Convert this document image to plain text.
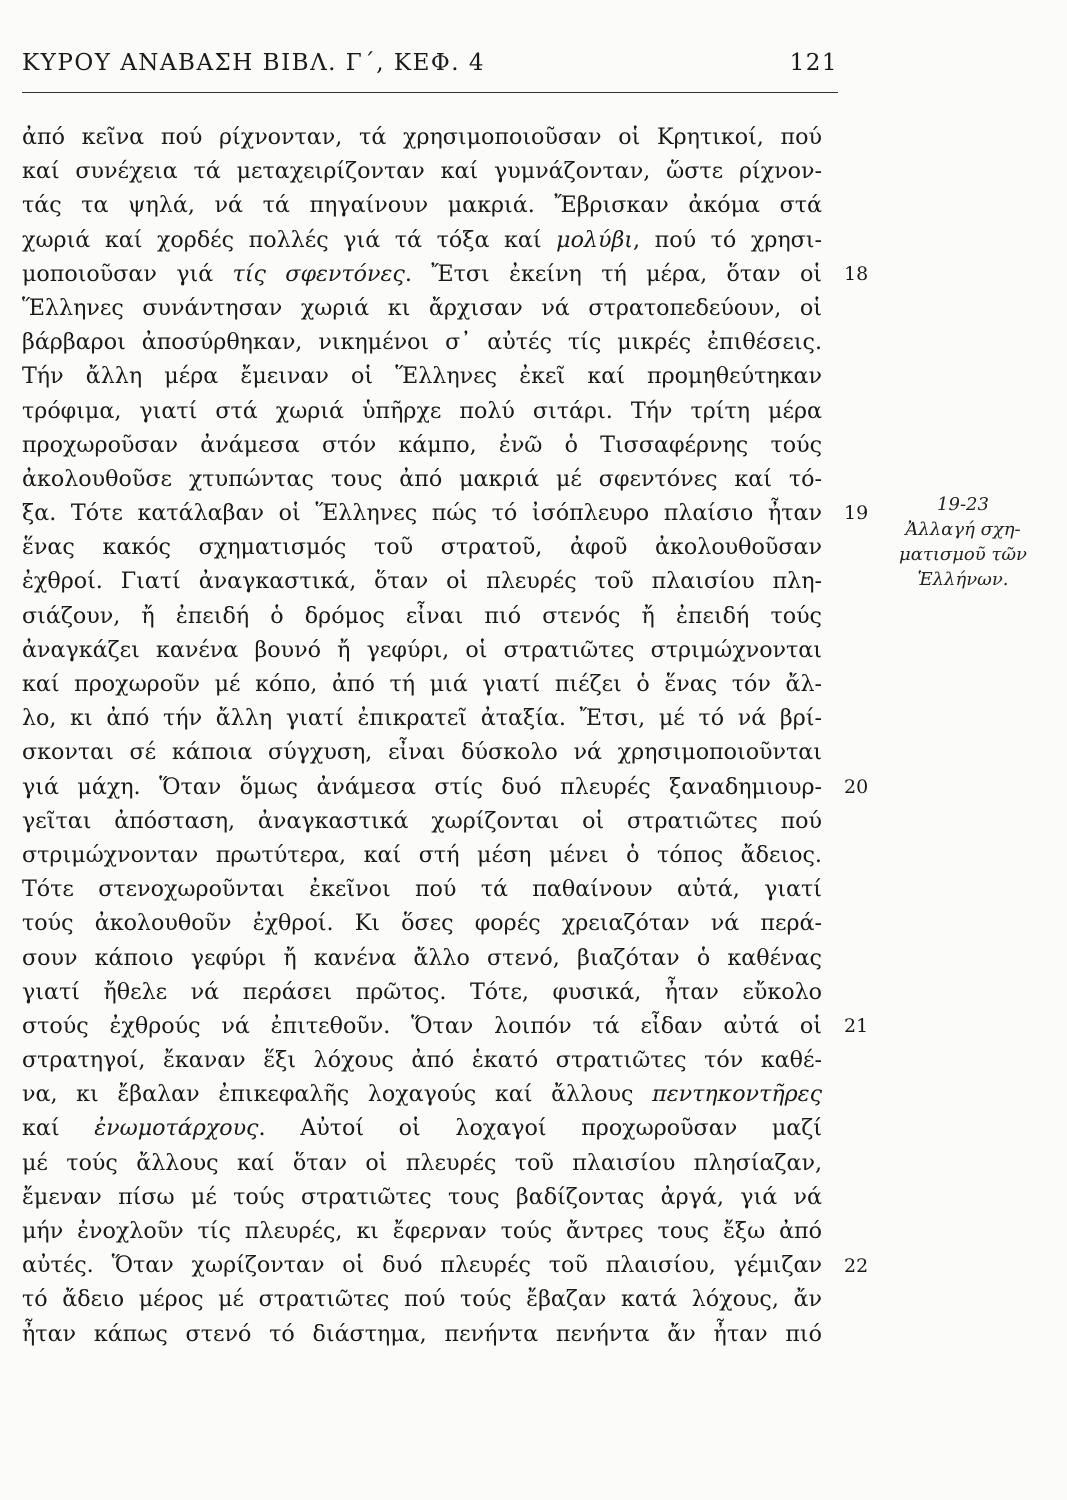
ΚΥΡΟΥ ΑΝΑΒΑΣΗ ΒΙΒΛ. Γ΄, ΚΕΦ. 4	121
ἀπό κεῖνα πού ρίχνονταν, τά χρησιμοποιοῦσαν οἱ Κρητικοί, πού
καί συνέχεια τά μεταχειρίζονταν καί γυμνάζονταν, ὥστε ρίχνον-
τάς τα ψηλά, νά τά πηγαίνουν μακριά. Ἔβρισκαν ἀκόμα στά
χωριά καί χορδές πολλές γιά τά τόξα καί μολύβι, πού τό χρησι-
μοποιοῦσαν γιά τίς σφεντόνες. Ἔτσι ἐκείνη τή μέρα, ὅταν οἱ
Ἕλληνες συνάντησαν χωριά κι ἄρχισαν νά στρατοπεδεύουν, οἱ
βάρβαροι ἀποσύρθηκαν, νικημένοι σ᾽ αὐτές τίς μικρές ἐπιθέσεις.
Τήν ἄλλη μέρα ἔμειναν οἱ Ἕλληνες ἐκεῖ καί προμηθεύτηκαν
τρόφιμα, γιατί στά χωριά ὑπῆρχε πολύ σιτάρι. Τήν τρίτη μέρα
προχωροῦσαν ἀνάμεσα στόν κάμπο, ἐνῶ ὁ Τισσαφέρνης τούς
ἀκολουθοῦσε χτυπώντας τους ἀπό μακριά μέ σφεντόνες καί τό-
ξα. Τότε κατάλαβαν οἱ Ἕλληνες πώς τό ἰσόπλευρο πλαίσιο ἦταν
ἕνας κακός σχηματισμός τοῦ στρατοῦ, ἀφοῦ ἀκολουθοῦσαν
ἐχθροί. Γιατί ἀναγκαστικά, ὅταν οἱ πλευρές τοῦ πλαισίου πλη-
σιάζουν, ἤ ἐπειδή ὁ δρόμος εἶναι πιό στενός ἤ ἐπειδή τούς
ἀναγκάζει κανένα βουνό ἤ γεφύρι, οἱ στρατιῶτες στριμώχνονται
καί προχωροῦν μέ κόπο, ἀπό τή μιά γιατί πιέζει ὁ ἕνας τόν ἄλ-
λο, κι ἀπό τήν ἄλλη γιατί ἐπικρατεῖ ἀταξία. Ἔτσι, μέ τό νά βρί-
σκονται σέ κάποια σύγχυση, εἶναι δύσκολο νά χρησιμοποιοῦνται
γιά μάχη. Ὅταν ὅμως ἀνάμεσα στίς δυό πλευρές ξαναδημιουρ-
γεῖται ἀπόσταση, ἀναγκαστικά χωρίζονται οἱ στρατιῶτες πού
στριμώχνονταν πρωτύτερα, καί στή μέση μένει ὁ τόπος ἄδειος.
Τότε στενοχωροῦνται ἐκεῖνοι πού τά παθαίνουν αὐτά, γιατί
τούς ἀκολουθοῦν ἐχθροί. Κι ὅσες φορές χρειαζόταν νά περά-
σουν κάποιο γεφύρι ἤ κανένα ἄλλο στενό, βιαζόταν ὁ καθένας
γιατί ἤθελε νά περάσει πρῶτος. Τότε, φυσικά, ἦταν εὔκολο
στούς ἐχθρούς νά ἐπιτεθοῦν. Ὅταν λοιπόν τά εἶδαν αὐτά οἱ
στρατηγοί, ἔκαναν ἕξι λόχους ἀπό ἑκατό στρατιῶτες τόν καθέ-
να, κι ἔβαλαν ἐπικεφαλῆς λοχαγούς καί ἄλλους πεντηκοντῆρες
καί ἐνωμοτάρχους. Αὐτοί οἱ λοχαγοί προχωροῦσαν μαζί
μέ τούς ἄλλους καί ὅταν οἱ πλευρές τοῦ πλαισίου πλησίαζαν,
ἔμεναν πίσω μέ τούς στρατιῶτες τους βαδίζοντας ἀργά, γιά νά
μήν ἐνοχλοῦν τίς πλευρές, κι ἔφερναν τούς ἄντρες τους ἔξω ἀπό
αὐτές. Ὅταν χωρίζονταν οἱ δυό πλευρές τοῦ πλαισίου, γέμιζαν
τό ἄδειο μέρος μέ στρατιῶτες πού τούς ἔβαζαν κατά λόχους, ἄν
ἦταν κάπως στενό τό διάστημα, πενήντα πενήντα ἄν ἦταν πιό
18
19
20
21
22
19-23
Ἀλλαγή σχη-
ματισμοῦ τῶν
Ἑλλήνων.
